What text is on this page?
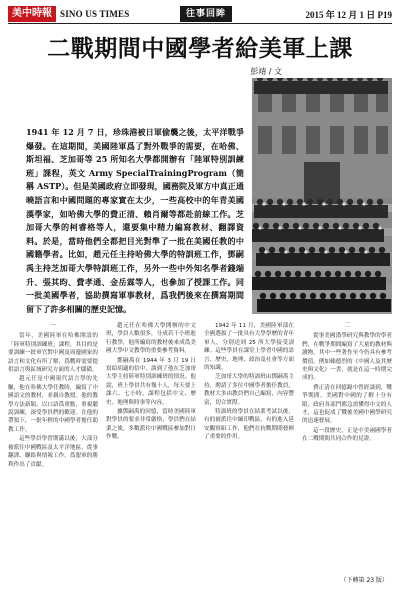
美中時報 SINO US TIMES	往事回眸	2015 年 12 月 1 日 P19
二戰期間中國學者給美軍上課
彭靖 / 文
1941 年 12 月 7 日，珍珠港被日軍偷襲之後，太平洋戰爭爆發。在這期間，美國陸軍爲了對外戰爭的需要，在哈佛、斯坦福、芝加哥等 25 所知名大學都開辦有「陸軍特別訓練班」課程，英文 Army SpecialTrainingProgram（簡稱 ASTP）。但是美國政府立即發現，國務院及軍方中真正通曉語言和中國問題的專家實在太少，一些高校中的年青美國漢學家，如哈佛大學的費正清、賴肖爾等都赴前線工作。芝加哥大學的柯睿格等人，還要集中精力編寫教材、翻譯資料。於是，當時他們全都把目光對準了一批在美國任教的中國籍學者。比如，趙元任主持哈佛大學的特訓班工作，鄧嗣禹主持芝加哥大學特訓班工作，另外一些中外知名學者錢端升、張其昀、費孝通、金岳霖等人，也參加了授課工作。同一批美國學者，協助撰寫軍事教材，爲我們後來在撰寫期間留下了許多相關的歷史記憶。
一

當年，美國陸軍在哈佛開設的「陸軍特別訓練班」課程，其目的是要訓練一批軍官對中國及周邊國家的語言和文化有所了解，爲戰時需要提供語言與區域研究方面的人才儲備。

趙元任是中國現代語言學的先驅，他在哈佛大學任教時，編寫了中國語文的教材，並親自教授。他的教學方法新穎，以口語爲重點，重視聽說訓練，深受學員們的歡迎。在他的帶領下，一批年輕的中國學者擔任助教工作。

這些學員學習期滿以後，大部分被派往中國戰區及太平洋地區，從事翻譯、聯絡與情報工作，爲盟軍的勝利作出了貢獻。

趙元任在哈佛大學開辦的中文班，學員人數很多，分成若干小班進行教學，他所編寫的教材後來成爲美國大學中文教學的重要參考資料。

鄧嗣禹在 1944 年 3 月 19 日寫給胡適的信中，談到了他在芝加哥大學主持陸軍特別訓練班的情況。他說，班上學員共有幾十人，每天要上課六、七小時，課程包括中文、歷史、地理與時事等內容。

據鄧嗣禹的回憶，當時美國陸軍對學員的要求非常嚴格，學員們在結業之後，多數派往中國戰區參加對日作戰。

1942 年 11 月，美國陸軍部在全國選拔了一批具有大學學歷的青年軍人，分別送到 25 所大學接受訓練。這些學員在課堂上學習中國的語言、歷史、地理、政治及社會等方面的知識。

芝加哥大學的特訓班由鄧嗣禹主持，聘請了多位中國學者擔任教員，教材大多由教員們自己編寫，內容豐富，切合實際。

特訓班的學員在結業考試以後，有的被派往中緬印戰區，有的進入延安觀察組工作，他們在抗戰期間發揮了重要的作用。

二

從事美國漢學研究與教學的學者們，在戰爭期間編寫了大量的教材與讀物，其中一些著作至今仍具有參考價值。例如賴德烈的《中國人及其歷史與文化》一書，就是在這一時期完成的。

費正清在回憶錄中曾經談到，戰爭期間，美國對中國的了解十分有限，政府各部門都急需懂得中文的人才，這也促成了戰後美國中國學研究的迅速發展。

這一段歷史，正是中美兩國學者在二戰期間共同合作的見證。

（下轉第 23 版）
